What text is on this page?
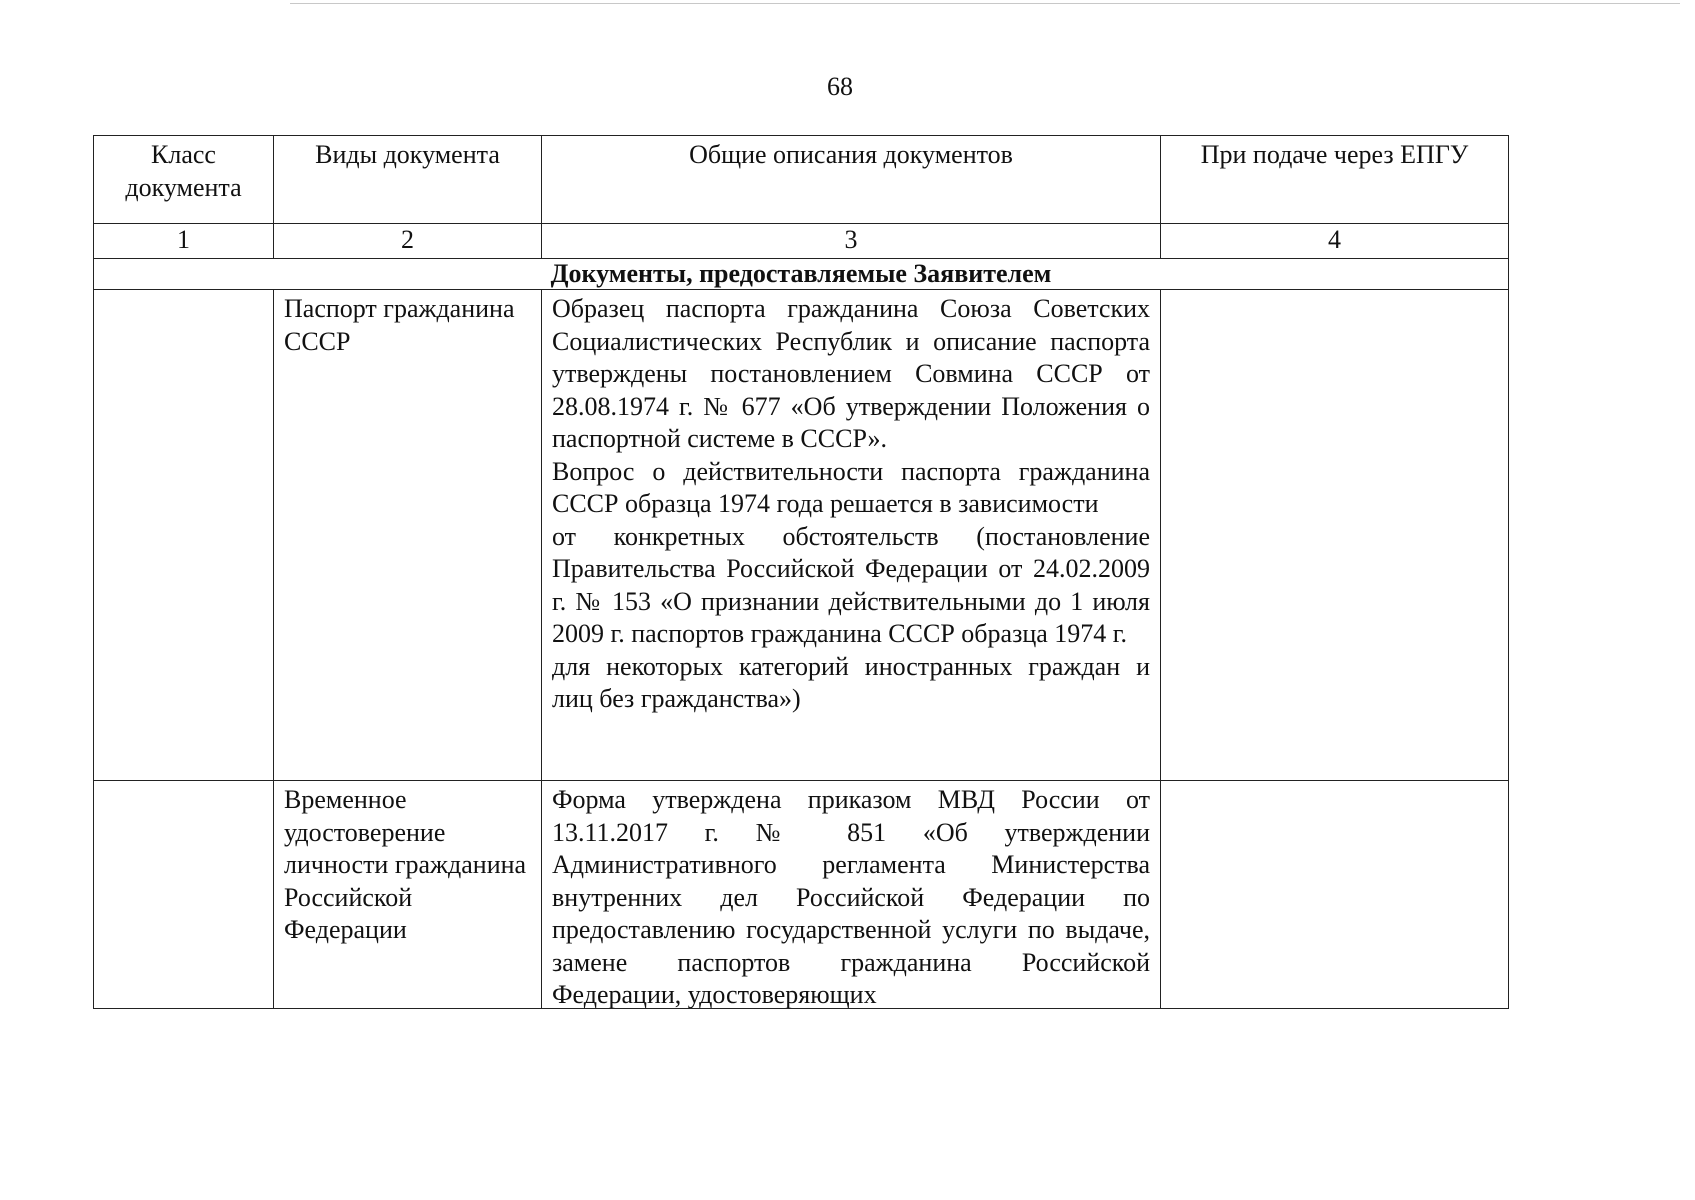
68
Класс документа	Виды документа	Общие описания документов	При подаче через ЕПГУ
1	2	3	4
Документы, предоставляемые Заявителем			
	Паспорт гражданина СССР	Образец паспорта гражданина Союза Советских Социалистических Республик и описание паспорта утверждены постановлением Совмина СССР от 28.08.1974 г. № 677 «Об утверждении Положения о паспортной системе в СССР».
Вопрос о действительности паспорта гражданина СССР образца 1974 года решается в зависимости
от конкретных обстоятельств (постановление Правительства Российской Федерации от 24.02.2009 г. № 153 «О признании действительными до 1 июля 2009 г. паспортов гражданина СССР образца 1974 г.
для некоторых категорий иностранных граждан и лиц без гражданства»)	

	Временное удостоверение личности гражданина Российской Федерации	Форма утверждена приказом МВД России от 13.11.2017 г. № 851 «Об утверждении Административного регламента Министерства внутренних дел Российской Федерации по предоставлению государственной услуги по выдаче, замене паспортов гражданина Российской Федерации, удостоверяющих	
